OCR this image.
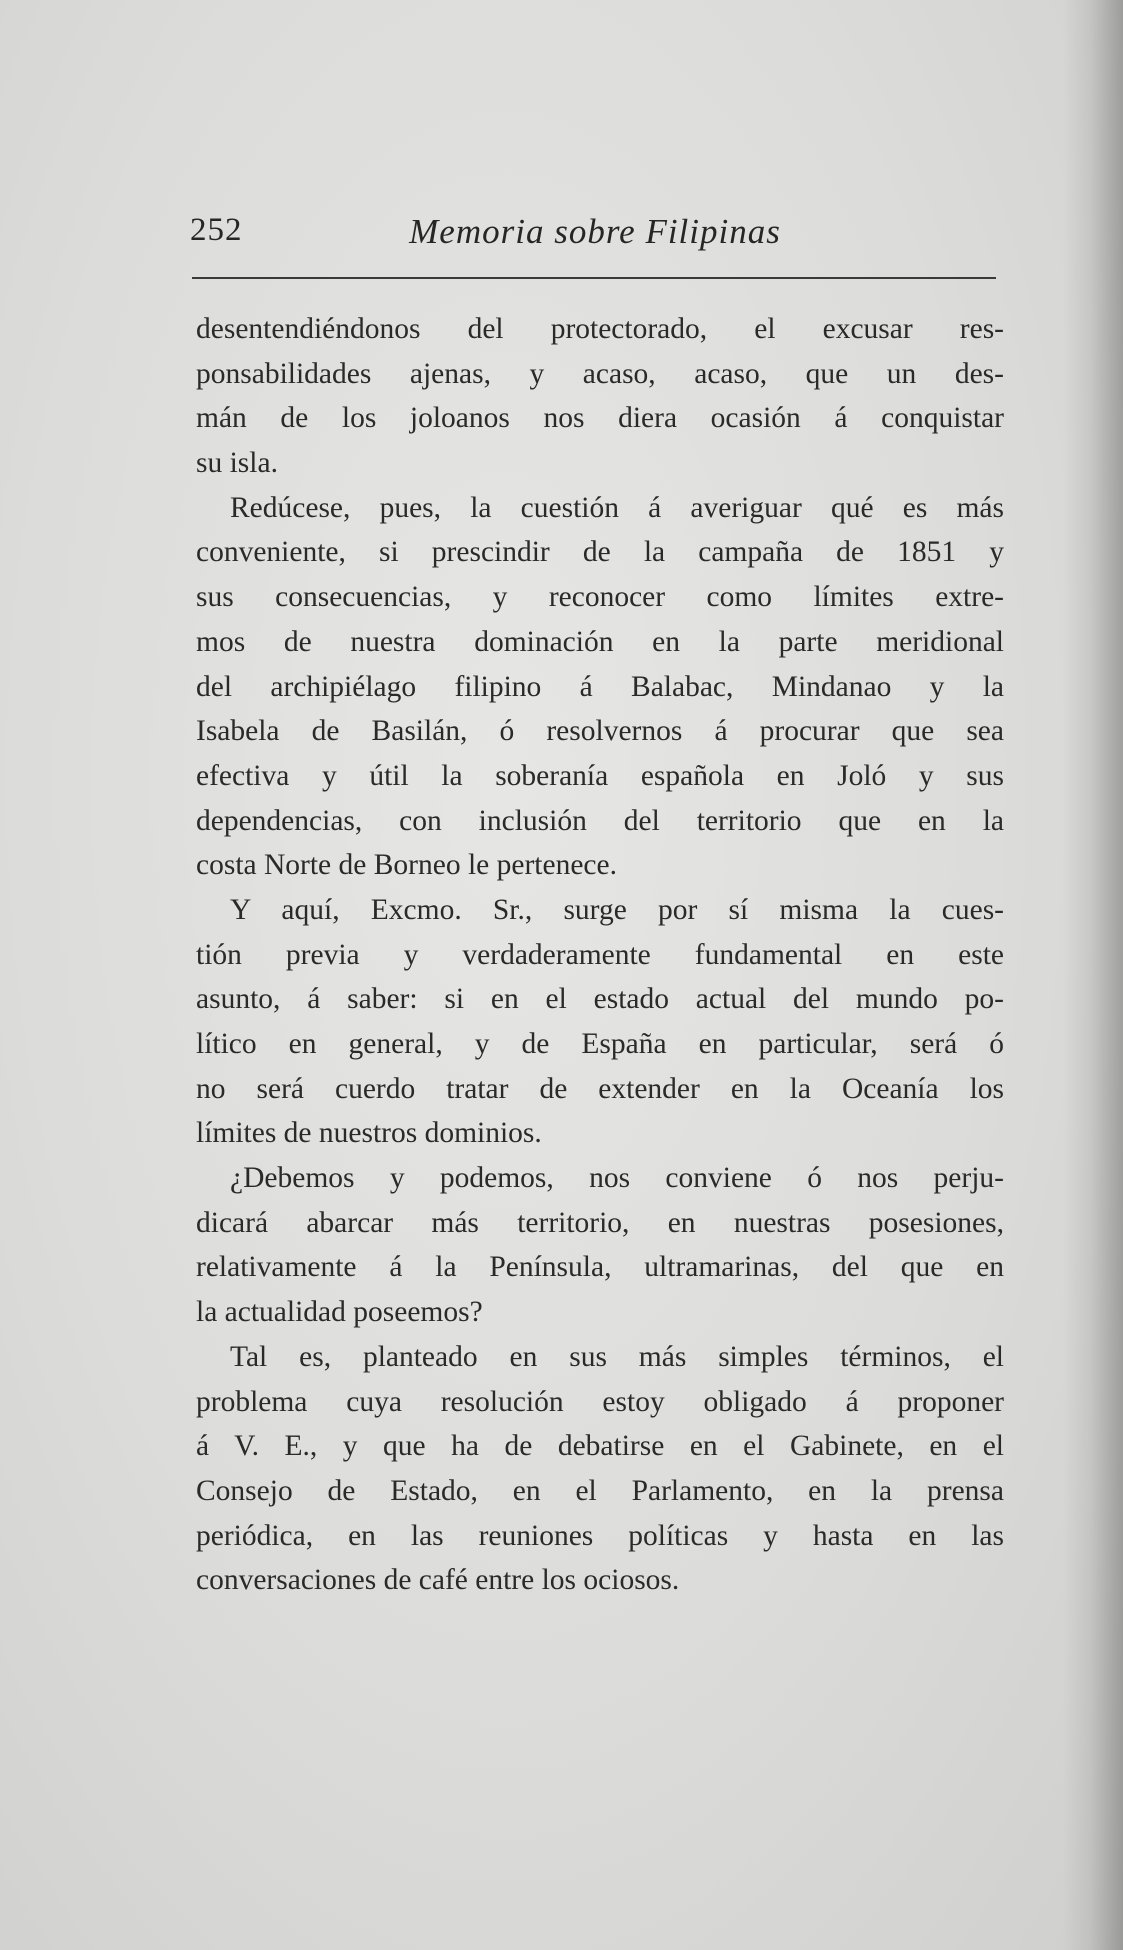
252	Memoria sobre Filipinas
desentendiéndonos del protectorado, el excusar res-
ponsabilidades ajenas, y acaso, acaso, que un des-
mán de los joloanos nos diera ocasión á conquistar
su isla.
Redúcese, pues, la cuestión á averiguar qué es más
conveniente, si prescindir de la campaña de 1851 y
sus consecuencias, y reconocer como límites extre-
mos de nuestra dominación en la parte meridional
del archipiélago filipino á Balabac, Mindanao y la
Isabela de Basilán, ó resolvernos á procurar que sea
efectiva y útil la soberanía española en Joló y sus
dependencias, con inclusión del territorio que en la
costa Norte de Borneo le pertenece.
Y aquí, Excmo. Sr., surge por sí misma la cues-
tión previa y verdaderamente fundamental en este
asunto, á saber: si en el estado actual del mundo po-
lítico en general, y de España en particular, será ó
no será cuerdo tratar de extender en la Oceanía los
límites de nuestros dominios.
¿Debemos y podemos, nos conviene ó nos perju-
dicará abarcar más territorio, en nuestras posesiones,
relativamente á la Península, ultramarinas, del que en
la actualidad poseemos?
Tal es, planteado en sus más simples términos, el
problema cuya resolución estoy obligado á proponer
á V. E., y que ha de debatirse en el Gabinete, en el
Consejo de Estado, en el Parlamento, en la prensa
periódica, en las reuniones políticas y hasta en las
conversaciones de café entre los ociosos.
